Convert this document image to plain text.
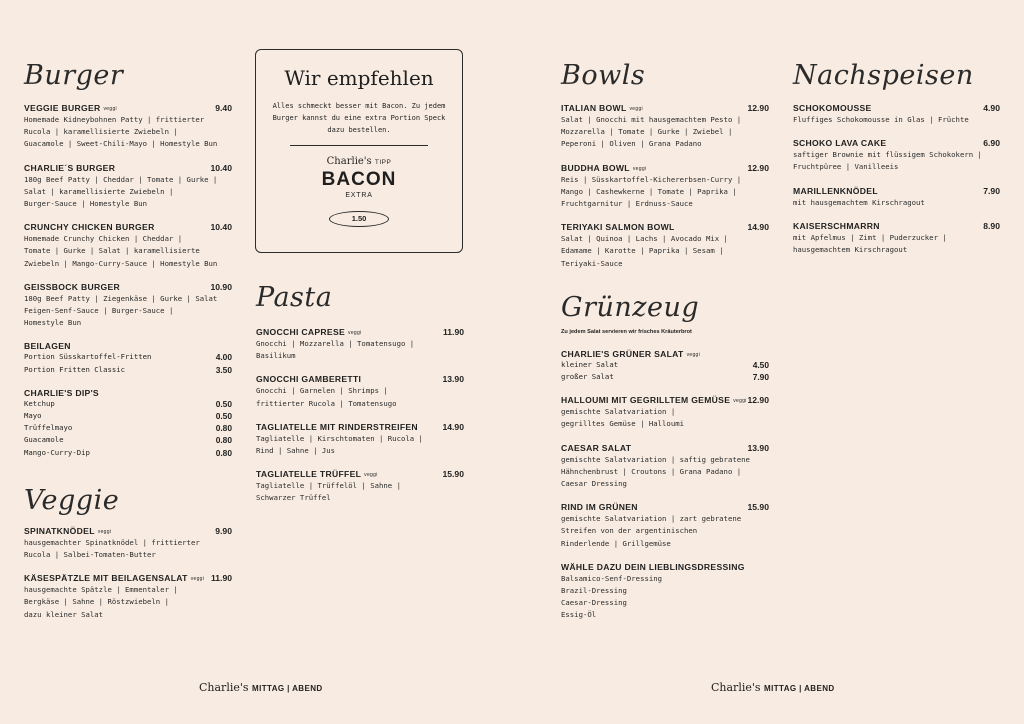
Burger
VEGGIE BURGER veggi	9.40
Homemade Kidneybohnen Patty | frittierter
Rucola | karamellisierte Zwiebeln |
Guacamole | Sweet-Chili-Mayo | Homestyle Bun
CHARLIE´S BURGER	10.40
180g Beef Patty | Cheddar | Tomate | Gurke |
Salat | karamellisierte Zwiebeln |
Burger-Sauce | Homestyle Bun
CRUNCHY CHICKEN BURGER	10.40
Homemade Crunchy Chicken | Cheddar |
Tomate | Gurke | Salat | karamellisierte
Zwiebeln | Mango-Curry-Sauce | Homestyle Bun
GEISSBOCK BURGER	10.90
180g Beef Patty | Ziegenkäse | Gurke | Salat
Feigen-Senf-Sauce | Burger-Sauce |
Homestyle Bun
BEILAGEN
Portion Süsskartoffel-Fritten	4.00
Portion Fritten Classic	3.50
CHARLIE'S DIP'S
Ketchup	0.50
Mayo	0.50
Trüffelmayo	0.80
Guacamole	0.80
Mango-Curry-Dip	0.80
Veggie
SPINATKNÖDEL veggi	9.90
hausgemachter Spinatknödel | frittierter
Rucola | Salbei-Tomaten-Butter
KÄSESPÄTZLE MIT BEILAGENSALAT veggi 11.90
hausgemachte Spätzle | Emmentaler |
Bergkäse | Sahne | Röstzwiebeln |
dazu kleiner Salat
Wir empfehlen
Alles schmeckt besser mit Bacon. Zu jedem
Burger kannst du eine extra Portion Speck
dazu bestellen.
Charlie's TIPP
BACON
EXTRA
1.50
Pasta
GNOCCHI CAPRESE veggi	11.90
Gnocchi | Mozzarella | Tomatensugo |
Basilikum
GNOCCHI GAMBERETTI	13.90
Gnocchi | Garnelen | Shrimps |
frittierter Rucola | Tomatensugo
TAGLIATELLE MIT RINDERSTREIFEN	14.90
Tagliatelle | Kirschtomaten | Rucola |
Rind | Sahne | Jus
TAGLIATELLE TRÜFFEL veggi	15.90
Tagliatelle | Trüffelöl | Sahne |
Schwarzer Trüffel
Bowls
ITALIAN BOWL veggi	12.90
Salat | Gnocchi mit hausgemachtem Pesto |
Mozzarella | Tomate | Gurke | Zwiebel |
Peperoni | Oliven | Grana Padano
BUDDHA BOWL veggi	12.90
Reis | Süsskartoffel-Kichererbsen-Curry |
Mango | Cashewkerne | Tomate | Paprika |
Fruchtgarnitur | Erdnuss-Sauce
TERIYAKI SALMON BOWL	14.90
Salat | Quinoa | Lachs | Avocado Mix |
Edamame | Karotte | Paprika | Sesam |
Teriyaki-Sauce
Grünzeug
Zu jedem Salat servieren wir frisches Kräuterbrot
CHARLIE'S GRÜNER SALAT veggi
kleiner Salat	4.50
großer Salat	7.90
HALLOUMI MIT GEGRILLTEM GEMÜSE veggi 12.90
gemischte Salatvariation |
gegrilltes Gemüse | Halloumi
CAESAR SALAT	13.90
gemischte Salatvariation | saftig gebratene
Hähnchenbrust | Croutons | Grana Padano |
Caesar Dressing
RIND IM GRÜNEN	15.90
gemischte Salatvariation | zart gebratene
Streifen von der argentinischen
Rinderlende | Grillgemüse
WÄHLE DAZU DEIN LIEBLINGSDRESSING
Balsamico-Senf-Dressing
Brazil-Dressing
Caesar-Dressing
Essig-Öl
Nachspeisen
SCHOKOMOUSSE	4.90
Fluffiges Schokomousse in Glas | Früchte
SCHOKO LAVA CAKE	6.90
saftiger Brownie mit flüssigem Schokokern |
Fruchtpüree | Vanilleeis
MARILLENKNÖDEL	7.90
mit hausgemachtem Kirschragout
KAISERSCHMARRN	8.90
mit Apfelmus | Zimt | Puderzucker |
hausgemachtem Kirschragout
Charlie's MITTAG | ABEND	Charlie's MITTAG | ABEND
